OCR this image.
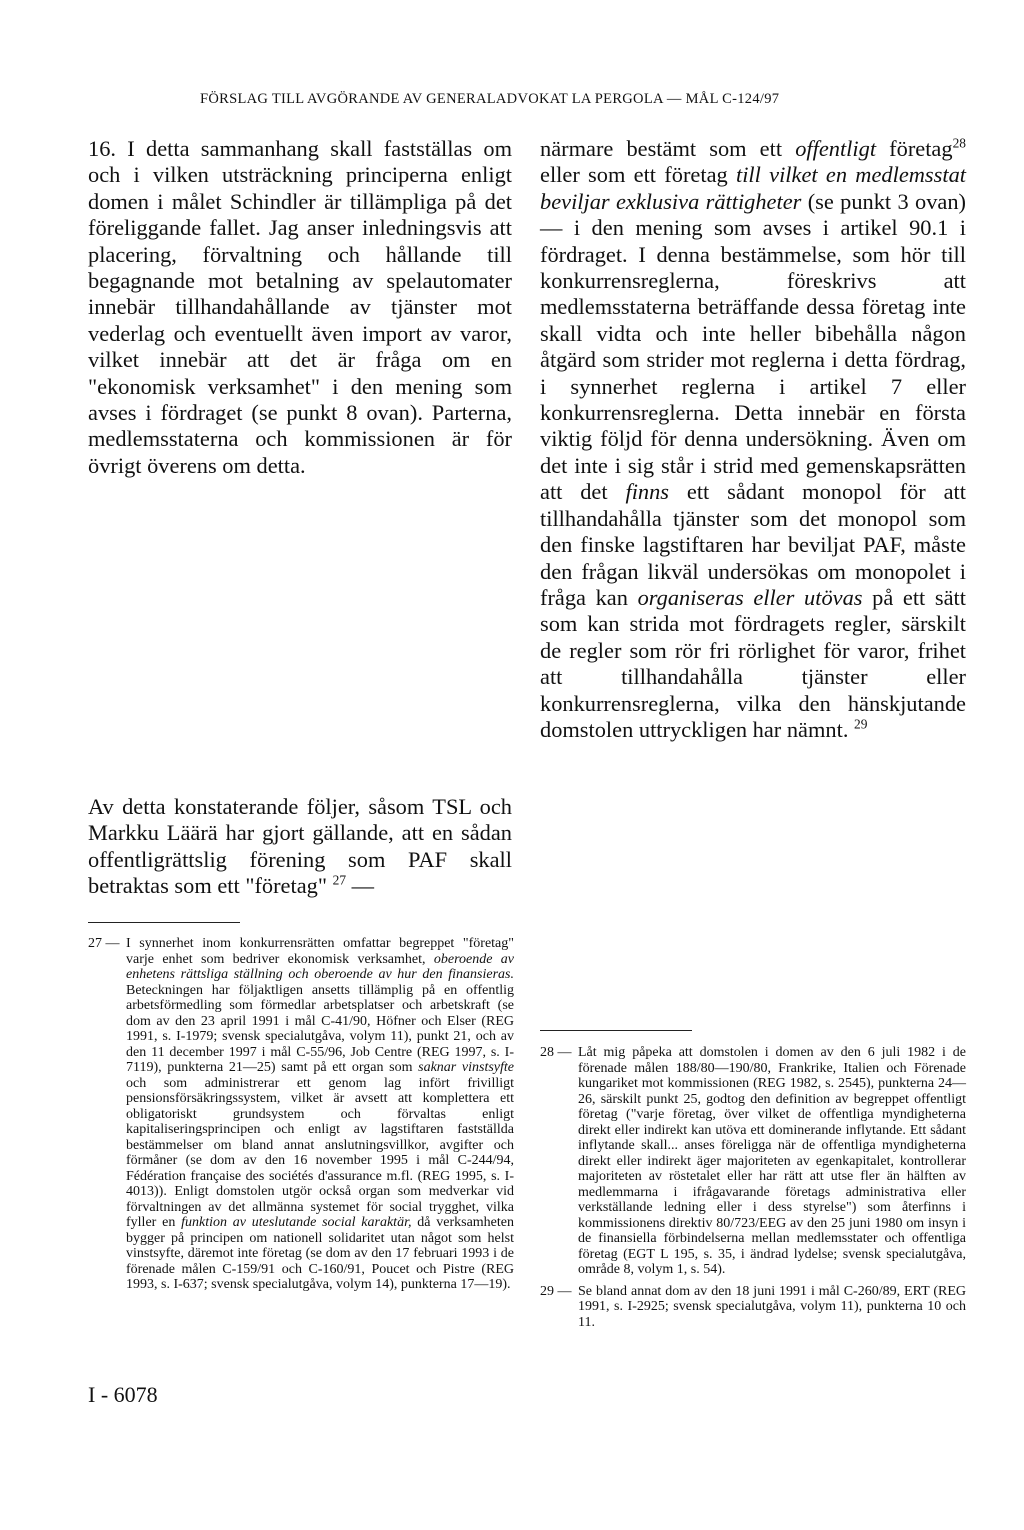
FÖRSLAG TILL AVGÖRANDE AV GENERALADVOKAT LA PERGOLA — MÅL C-124/97

16. I detta sammanhang skall fastställas om och i vilken utsträckning principerna enligt domen i målet Schindler är tillämpliga på det föreliggande fallet. Jag anser inledningsvis att placering, förvaltning och hållande till begagnande mot betalning av spelautomater innebär tillhandahållande av tjänster mot vederlag och eventuellt även import av varor, vilket innebär att det är fråga om en "ekonomisk verksamhet" i den mening som avses i fördraget (se punkt 8 ovan). Parterna, medlemsstaterna och kommissionen är för övrigt överens om detta.

Av detta konstaterande följer, såsom TSL och Markku Läärä har gjort gällande, att en sådan offentligrättslig förening som PAF skall betraktas som ett "företag" $^{27}$ —

närmare bestämt som ett offentligt företag$^{28}$ eller som ett företag till vilket en medlemsstat beviljar exklusiva rättigheter (se punkt 3 ovan) — i den mening som avses i artikel 90.1 i fördraget. I denna bestämmelse, som hör till konkurrensreglerna, föreskrivs att medlemsstaterna beträffande dessa företag inte skall vidta och inte heller bibehålla någon åtgärd som strider mot reglerna i detta fördrag, i synnerhet reglerna i artikel 7 eller konkurrensreglerna. Detta innebär en första viktig följd för denna undersökning. Även om det inte i sig står i strid med gemenskapsrätten att det finns ett sådant monopol för att tillhandahålla tjänster som det monopol som den finske lagstiftaren har beviljat PAF, måste den frågan likväl undersökas om monopolet i fråga kan organiseras eller utövas på ett sätt som kan strida mot fördragets regler, särskilt de regler som rör fri rörlighet för varor, frihet att tillhandahålla tjänster eller konkurrensreglerna, vilka den hänskjutande domstolen uttryckligen har nämnt. $^{29}$

27 — I synnerhet inom konkurrensrätten omfattar begreppet "företag" varje enhet som bedriver ekonomisk verksamhet, oberoende av enhetens rättsliga ställning och oberoende av hur den finansieras. Beteckningen har följaktligen ansetts tillämplig på en offentlig arbetsförmedling som förmedlar arbetsplatser och arbetskraft (se dom av den 23 april 1991 i mål C-41/90, Höfner och Elser (REG 1991, s. I-1979; svensk specialutgåva, volym 11), punkt 21, och av den 11 december 1997 i mål C-55/96, Job Centre (REG 1997, s. I-7119), punkterna 21—25) samt på ett organ som saknar vinstsyfte och som administrerar ett genom lag infört frivilligt pensionsförsäkringssystem, vilket är avsett att komplettera ett obligatoriskt grundsystem och förvaltas enligt kapitaliseringsprincipen och enligt av lagstiftaren fastställda bestämmelser om bland annat anslutningsvillkor, avgifter och förmåner (se dom av den 16 november 1995 i mål C-244/94, Fédération française des sociétés d'assurance m.fl. (REG 1995, s. I-4013)). Enligt domstolen utgör också organ som medverkar vid förvaltningen av det allmänna systemet för social trygghet, vilka fyller en funktion av uteslutande social karaktär, då verksamheten bygger på principen om nationell solidaritet utan något som helst vinstsyfte, däremot inte företag (se dom av den 17 februari 1993 i de förenade målen C-159/91 och C-160/91, Poucet och Pistre (REG 1993, s. I-637; svensk specialutgåva, volym 14), punkterna 17—19).
28 — Låt mig påpeka att domstolen i domen av den 6 juli 1982 i de förenade målen 188/80—190/80, Frankrike, Italien och Förenade kungariket mot kommissionen (REG 1982, s. 2545), punkterna 24—26, särskilt punkt 25, godtog den definition av begreppet offentligt företag ("varje företag, över vilket de offentliga myndigheterna direkt eller indirekt kan utöva ett dominerande inflytande. Ett sådant inflytande skall... anses föreligga när de offentliga myndigheterna direkt eller indirekt äger majoriteten av egenkapitalet, kontrollerar majoriteten av röstetalet eller har rätt att utse fler än hälften av medlemmarna i ifrågavarande företags administrativa eller verkställande ledning eller i dess styrelse") som återfinns i kommissionens direktiv 80/723/EEG av den 25 juni 1980 om insyn i de finansiella förbindelserna mellan medlemsstater och offentliga företag (EGT L 195, s. 35, i ändrad lydelse; svensk specialutgåva, område 8, volym 1, s. 54).
29 — Se bland annat dom av den 18 juni 1991 i mål C-260/89, ERT (REG 1991, s. I-2925; svensk specialutgåva, volym 11), punkterna 10 och 11.
I - 6078
